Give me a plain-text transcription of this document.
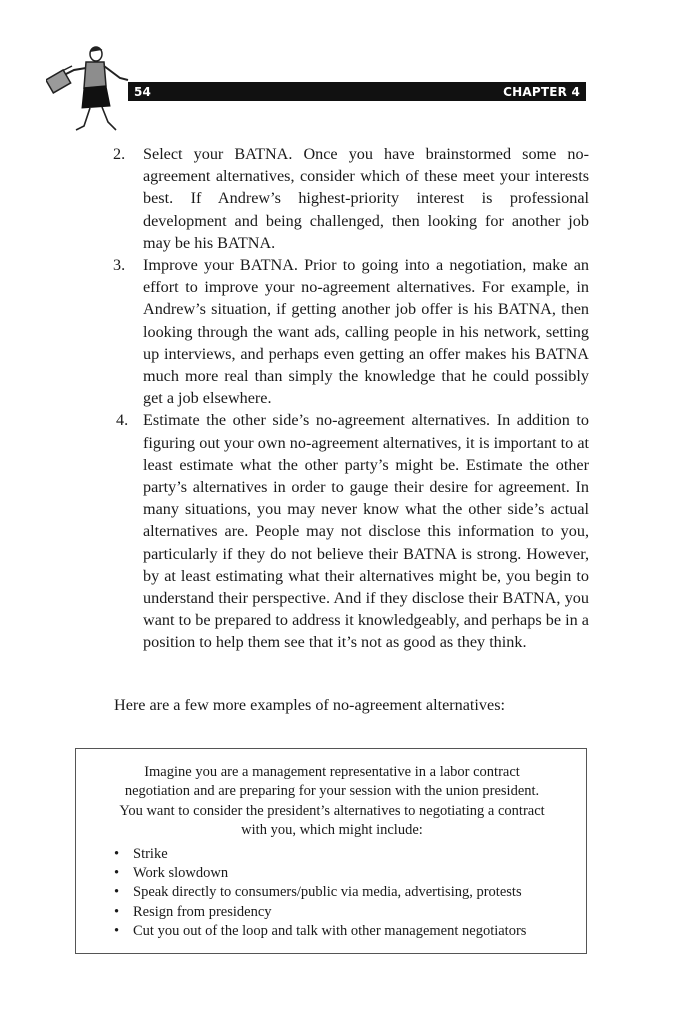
54	CHAPTER 4
2. Select your BATNA. Once you have brainstormed some no-agreement alternatives, consider which of these meet your interests best. If Andrew’s highest-priority interest is professional development and being challenged, then looking for another job may be his BATNA.
3. Improve your BATNA. Prior to going into a negotiation, make an effort to improve your no-agreement alternatives. For example, in Andrew’s situation, if getting another job offer is his BATNA, then looking through the want ads, calling people in his network, setting up interviews, and perhaps even getting an offer makes his BATNA much more real than simply the knowledge that he could possibly get a job elsewhere.
4. Estimate the other side’s no-agreement alternatives. In addition to figuring out your own no-agreement alternatives, it is important to at least estimate what the other party’s might be. Estimate the other party’s alternatives in order to gauge their desire for agreement. In many situations, you may never know what the other side’s actual alternatives are. People may not disclose this information to you, particularly if they do not believe their BATNA is strong. However, by at least estimating what their alternatives might be, you begin to understand their perspective. And if they disclose their BATNA, you want to be prepared to address it knowledgeably, and perhaps be in a position to help them see that it’s not as good as they think.

Here are a few more examples of no-agreement alternatives:

Imagine you are a management representative in a labor contract negotiation and are preparing for your session with the union president. You want to consider the president’s alternatives to negotiating a contract with you, which might include:

• Strike
• Work slowdown
• Speak directly to consumers/public via media, advertising, protests
• Resign from presidency
• Cut you out of the loop and talk with other management negotiators
